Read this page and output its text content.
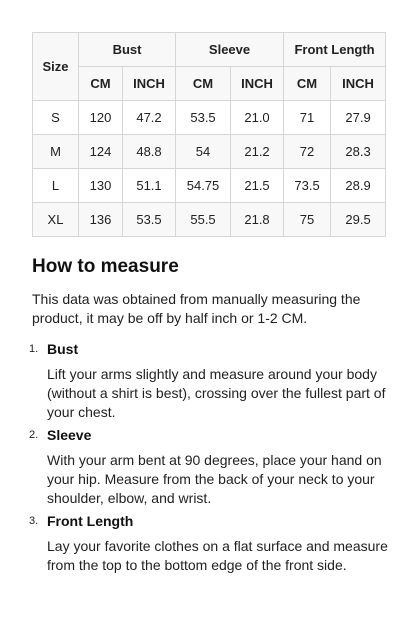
Size	Bust		Sleeve		Front Length	
	CM	INCH	CM	INCH	CM	INCH
S	120	47.2	53.5	21.0	71	27.9
M	124	48.8	54	21.2	72	28.3
L	130	51.1	54.75	21.5	73.5	28.9
XL	136	53.5	55.5	21.8	75	29.5
How to measure

This data was obtained from manually measuring the product, it may be off by half inch or 1-2 CM.

1. Bust

Lift your arms slightly and measure around your body (without a shirt is best), crossing over the fullest part of your chest.

2. Sleeve

With your arm bent at 90 degrees, place your hand on your hip. Measure from the back of your neck to your shoulder, elbow, and wrist.

3. Front Length

Lay your favorite clothes on a flat surface and measure from the top to the bottom edge of the front side.
